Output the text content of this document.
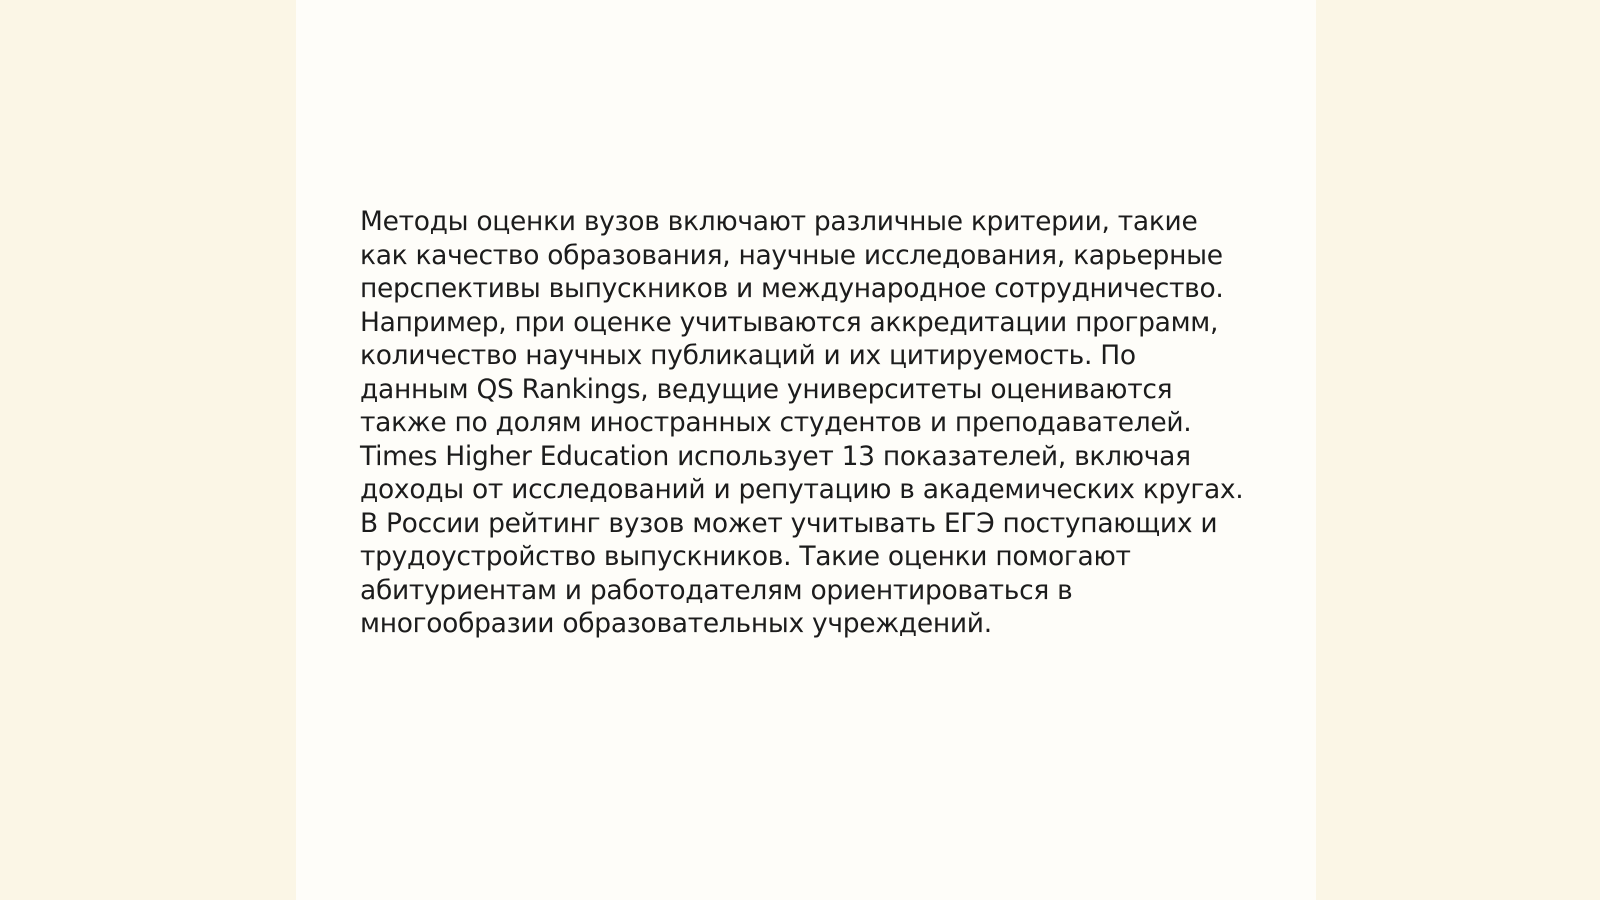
Методы оценки вузов включают различные критерии, такие
как качество образования, научные исследования, карьерные
перспективы выпускников и международное сотрудничество.
Например, при оценке учитываются аккредитации программ,
количество научных публикаций и их цитируемость. По
данным QS Rankings, ведущие университеты оцениваются
также по долям иностранных студентов и преподавателей.
Times Higher Education использует 13 показателей, включая
доходы от исследований и репутацию в академических кругах.
В России рейтинг вузов может учитывать ЕГЭ поступающих и
трудоустройство выпускников. Такие оценки помогают
абитуриентам и работодателям ориентироваться в
многообразии образовательных учреждений.
